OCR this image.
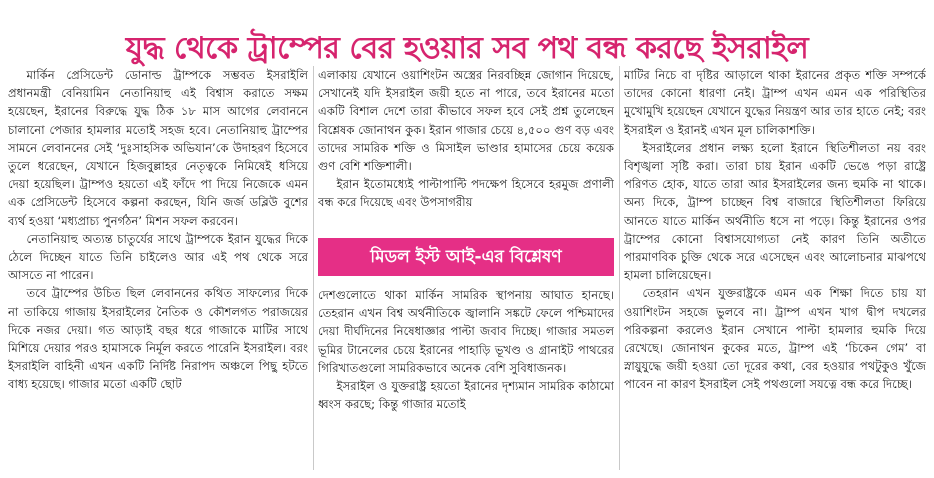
যুদ্ধ থেকে ট্রাম্পের বের হওয়ার সব পথ বন্ধ করছে ইসরাইল

মার্কিন প্রেসিডেন্ট ডোনাল্ড ট্রাম্পকে সম্ভবত ইসরাইলি প্রধানমন্ত্রী বেনিয়ামিন নেতানিয়াহু এই বিশ্বাস করাতে সক্ষম হয়েছেন, ইরানের বিরুদ্ধে যুদ্ধ ঠিক ১৮ মাস আগের লেবাননে চালানো পেজার হামলার মতোই সহজ হবে। নেতানিয়াহু ট্রাম্পের সামনে লেবাননের সেই ‘দুঃসাহসিক অভিযান’কে উদাহরণ হিসেবে তুলে ধরেছেন, যেখানে হিজবুল্লাহর নেতৃত্বকে নিমিষেই ধসিয়ে দেয়া হয়েছিল। ট্রাম্পও হয়তো এই ফাঁদে পা দিয়ে নিজেকে এমন এক প্রেসিডেন্ট হিসেবে কল্পনা করছেন, যিনি জর্জ ডব্লিউ বুশের ব্যর্থ হওয়া ‘মধ্যপ্রাচ্য পুনর্গঠন’ মিশন সফল করবেন।

নেতানিয়াহু অত্যন্ত চাতুর্যের সাথে ট্রাম্পকে ইরান যুদ্ধের দিকে ঠেলে দিচ্ছেন যাতে তিনি চাইলেও আর এই পথ থেকে সরে আসতে না পারেন।

তবে ট্রাম্পের উচিত ছিল লেবাননের কথিত সাফল্যের দিকে না তাকিয়ে গাজায় ইসরাইলের নৈতিক ও কৌশলগত পরাজয়ের দিকে নজর দেয়া। গত আড়াই বছর ধরে গাজাকে মাটির সাথে মিশিয়ে দেয়ার পরও হামাসকে নির্মূল করতে পারেনি ইসরাইল। বরং ইসরাইলি বাহিনী এখন একটি নির্দিষ্ট নিরাপদ অঞ্চলে পিছু হটতে বাধ্য হয়েছে। গাজার মতো একটি ছোট

এলাকায় যেখানে ওয়াশিংটন অস্ত্রের নিরবচ্ছিন্ন জোগান দিয়েছে, সেখানেই যদি ইসরাইল জয়ী হতে না পারে, তবে ইরানের মতো একটি বিশাল দেশে তারা কীভাবে সফল হবে সেই প্রশ্ন তুলেছেন বিশ্লেষক জোনাথন কুক। ইরান গাজার চেয়ে ৪,৫০০ গুণ বড় এবং তাদের সামরিক শক্তি ও মিসাইল ভাণ্ডার হামাসের চেয়ে কয়েক গুণ বেশি শক্তিশালী।

ইরান ইতোমধ্যেই পাল্টাপাল্টি পদক্ষেপ হিসেবে হরমুজ প্রণালী বন্ধ করে দিয়েছে এবং উপসাগরীয়

মিডল ইস্ট আই-এর বিশ্লেষণ

দেশগুলোতে থাকা মার্কিন সামরিক স্থাপনায় আঘাত হানছে। তেহরান এখন বিশ্ব অর্থনীতিকে জ্বালানি সঙ্কটে ফেলে পশ্চিমাদের দেয়া দীর্ঘদিনের নিষেধাজ্ঞার পাল্টা জবাব দিচ্ছে। গাজার সমতল ভূমির টানেলের চেয়ে ইরানের পাহাড়ি ভূখণ্ড ও গ্রানাইট পাথরের গিরিখাতগুলো সামরিকভাবে অনেক বেশি সুবিধাজনক।

ইসরাইল ও যুক্তরাষ্ট্র হয়তো ইরানের দৃশ্যমান সামরিক কাঠামো ধ্বংস করছে; কিন্তু গাজার মতোই

মাটির নিচে বা দৃষ্টির আড়ালে থাকা ইরানের প্রকৃত শক্তি সম্পর্কে তাদের কোনো ধারণা নেই। ট্রাম্প এখন এমন এক পরিস্থিতির মুখোমুখি হয়েছেন যেখানে যুদ্ধের নিয়ন্ত্রণ আর তার হাতে নেই; বরং ইসরাইল ও ইরানই এখন মূল চালিকাশক্তি।

ইসরাইলের প্রধান লক্ষ্য হলো ইরানে স্থিতিশীলতা নয় বরং বিশৃঙ্খলা সৃষ্টি করা। তারা চায় ইরান একটি ভেঙে পড়া রাষ্ট্রে পরিণত হোক, যাতে তারা আর ইসরাইলের জন্য হুমকি না থাকে। অন্য দিকে, ট্রাম্প চাচ্ছেন বিশ্ব বাজারে স্থিতিশীলতা ফিরিয়ে আনতে যাতে মার্কিন অর্থনীতি ধসে না পড়ে। কিন্তু ইরানের ওপর ট্রাম্পের কোনো বিশ্বাসযোগ্যতা নেই কারণ তিনি অতীতে পারমাণবিক চুক্তি থেকে সরে এসেছেন এবং আলোচনার মাঝপথে হামলা চালিয়েছেন।

তেহরান এখন যুক্তরাষ্ট্রকে এমন এক শিক্ষা দিতে চায় যা ওয়াশিংটন সহজে ভুলবে না। ট্রাম্প এখন খাগ দ্বীপ দখলের পরিকল্পনা করলেও ইরান সেখানে পাল্টা হামলার হুমকি দিয়ে রেখেছে। জোনাথন কুকের মতে, ট্রাম্প এই ‘চিকেন গেম’ বা স্নায়ুযুদ্ধে জয়ী হওয়া তো দূরের কথা, বের হওয়ার পথটুকুও খুঁজে পাবেন না কারণ ইসরাইল সেই পথগুলো সযত্নে বন্ধ করে দিচ্ছে।
